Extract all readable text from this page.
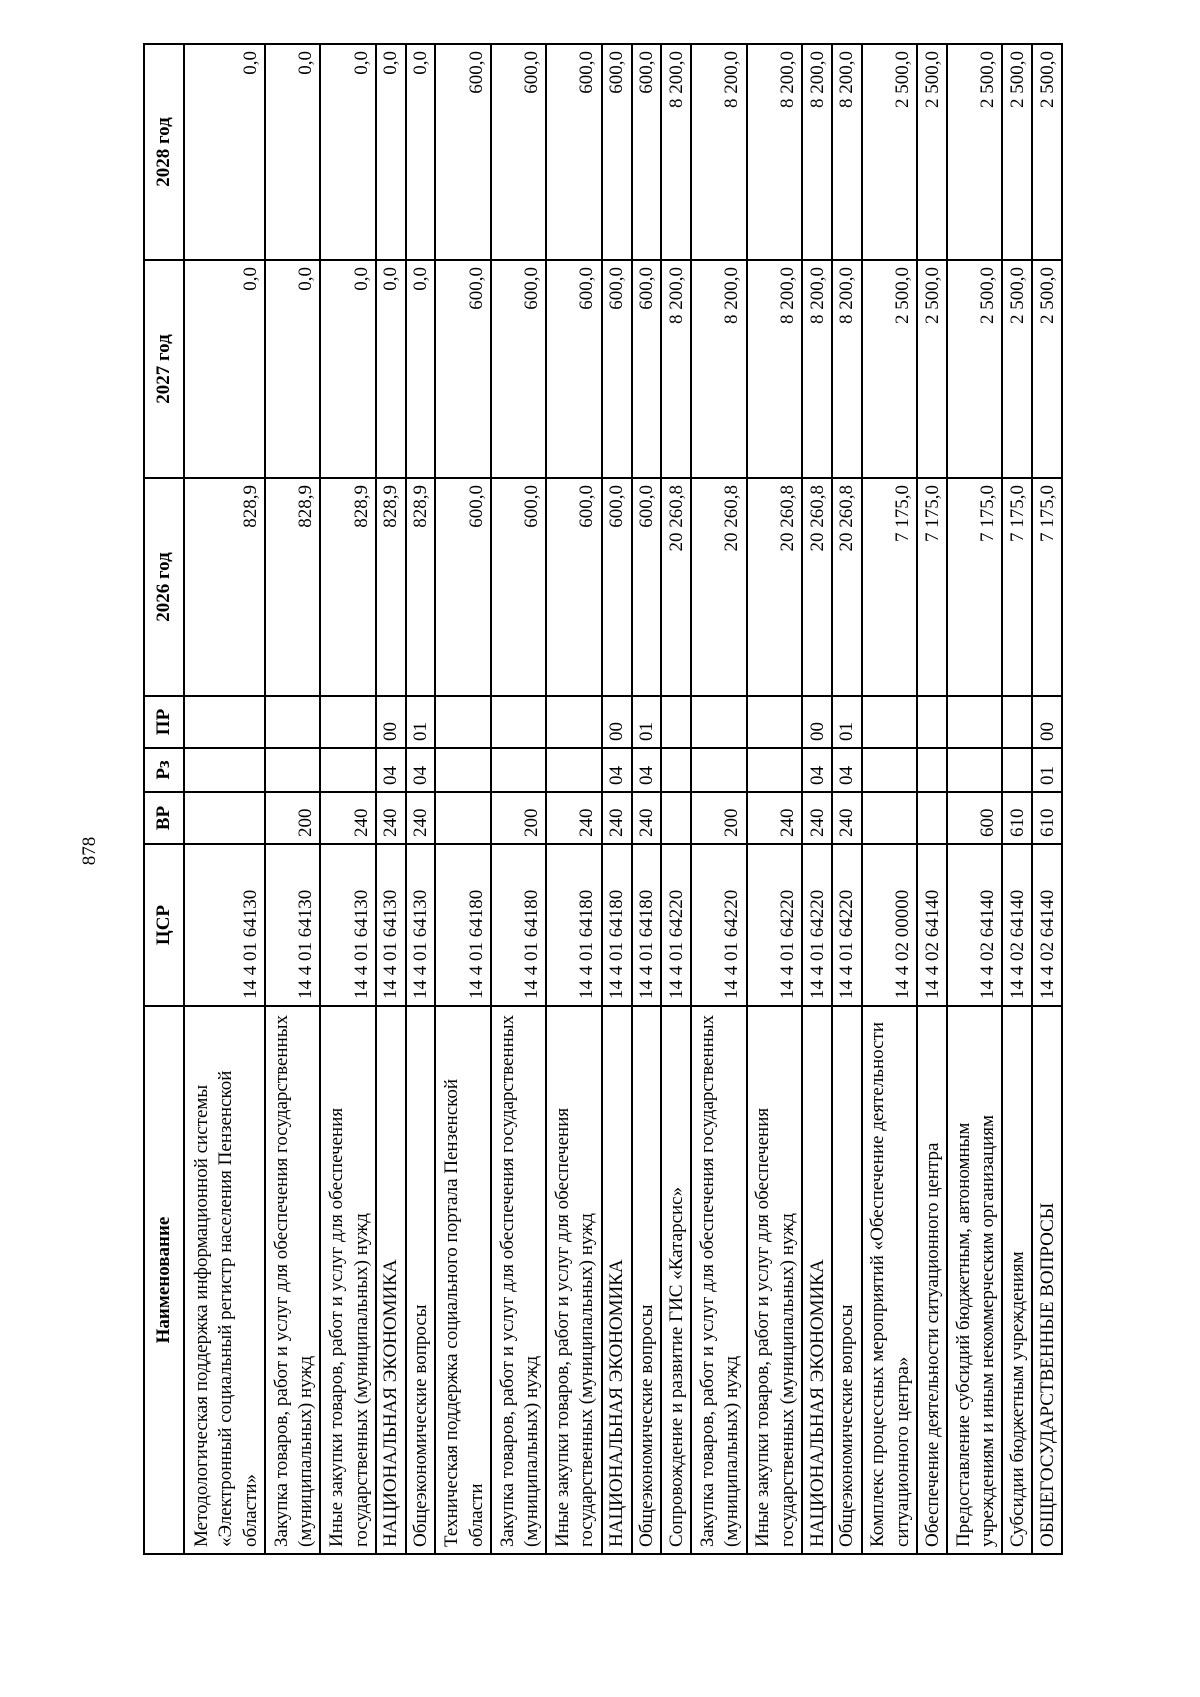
878
Наименование	ЦСР	ВР	Рз	ПР	2026 год	2027 год	2028 год
Методологическая поддержка информационной системы «Электронный социальный регистр населения Пензенской области»	14 4 01 64130				828,9	0,0	0,0
Закупка товаров, работ и услуг для обеспечения государственных (муниципальных) нужд	14 4 01 64130	200			828,9	0,0	0,0
Иные закупки товаров, работ и услуг для обеспечения государственных (муниципальных) нужд	14 4 01 64130	240			828,9	0,0	0,0
НАЦИОНАЛЬНАЯ ЭКОНОМИКА	14 4 01 64130	240	04	00	828,9	0,0	0,0
Общеэкономические вопросы	14 4 01 64130	240	04	01	828,9	0,0	0,0
Техническая поддержка социального портала Пензенской области	14 4 01 64180				600,0	600,0	600,0
Закупка товаров, работ и услуг для обеспечения государственных (муниципальных) нужд	14 4 01 64180	200			600,0	600,0	600,0
Иные закупки товаров, работ и услуг для обеспечения государственных (муниципальных) нужд	14 4 01 64180	240			600,0	600,0	600,0
НАЦИОНАЛЬНАЯ ЭКОНОМИКА	14 4 01 64180	240	04	00	600,0	600,0	600,0
Общеэкономические вопросы	14 4 01 64180	240	04	01	600,0	600,0	600,0
Сопровождение и развитие ГИС «Катарсис»	14 4 01 64220				20 260,8	8 200,0	8 200,0
Закупка товаров, работ и услуг для обеспечения государственных (муниципальных) нужд	14 4 01 64220	200			20 260,8	8 200,0	8 200,0
Иные закупки товаров, работ и услуг для обеспечения государственных (муниципальных) нужд	14 4 01 64220	240			20 260,8	8 200,0	8 200,0
НАЦИОНАЛЬНАЯ ЭКОНОМИКА	14 4 01 64220	240	04	00	20 260,8	8 200,0	8 200,0
Общеэкономические вопросы	14 4 01 64220	240	04	01	20 260,8	8 200,0	8 200,0
Комплекс процессных мероприятий «Обеспечение деятельности ситуационного центра»	14 4 02 00000				7 175,0	2 500,0	2 500,0
Обеспечение деятельности ситуационного центра	14 4 02 64140				7 175,0	2 500,0	2 500,0
Предоставление субсидий бюджетным, автономным учреждениям и иным некоммерческим организациям	14 4 02 64140	600			7 175,0	2 500,0	2 500,0
Субсидии бюджетным учреждениям	14 4 02 64140	610			7 175,0	2 500,0	2 500,0
ОБЩЕГОСУДАРСТВЕННЫЕ ВОПРОСЫ	14 4 02 64140	610	01	00	7 175,0	2 500,0	2 500,0
